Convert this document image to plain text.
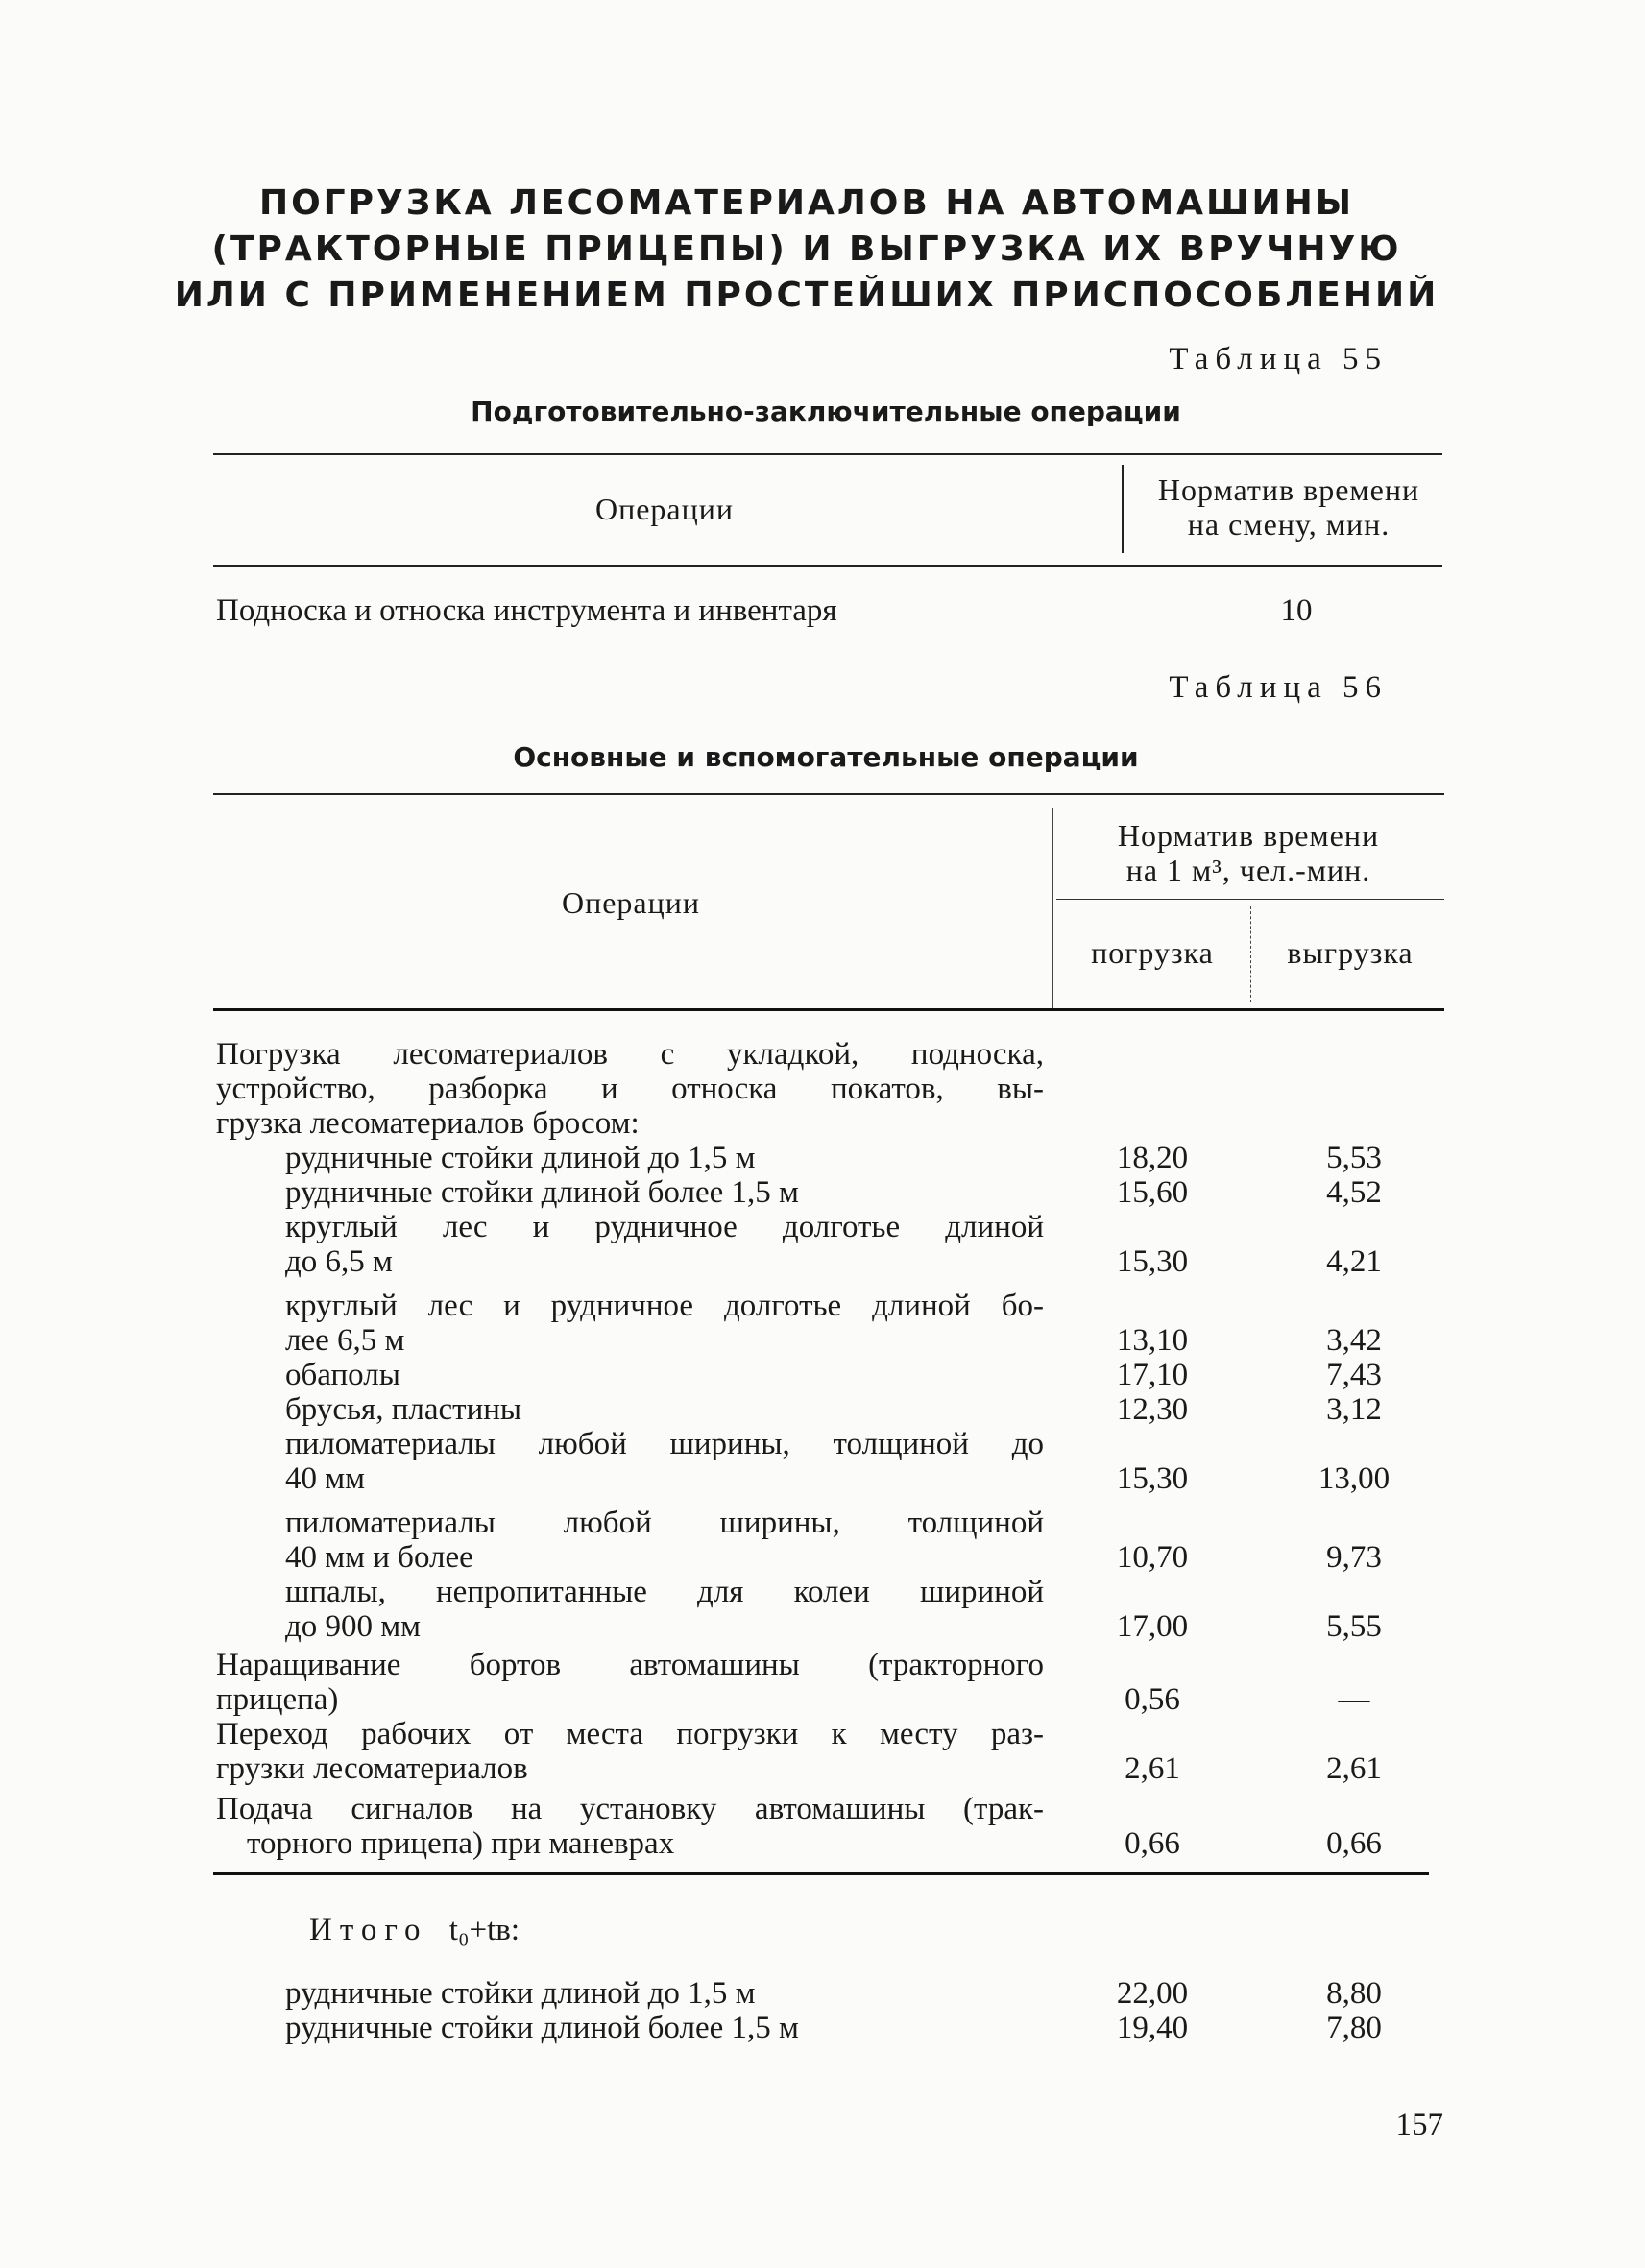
ПОГРУЗКА ЛЕСОМАТЕРИАЛОВ НА АВТОМАШИНЫ
(ТРАКТОРНЫЕ ПРИЦЕПЫ) И ВЫГРУЗКА ИХ ВРУЧНУЮ
ИЛИ С ПРИМЕНЕНИЕМ ПРОСТЕЙШИХ ПРИСПОСОБЛЕНИЙ
Таблица 55
Подготовительно-заключительные операции
Операции
Норматив времени
на смену, мин.
Подноска и относка инструмента и инвентаря	10
Таблица 56
Основные и вспомогательные операции
Операции
Норматив времени
на 1 м³, чел.-мин.
погрузка	выгрузка
Погрузка лесоматериалов с укладкой, подноска,
устройство, разборка и относка покатов, вы-
грузка лесоматериалов бросом:
рудничные стойки длиной до 1,5 м	18,20	5,53
рудничные стойки длиной более 1,5 м	15,60	4,52
круглый лес и рудничное долготье длиной
до 6,5 м	15,30	4,21
круглый лес и рудничное долготье длиной бо-
лее 6,5 м	13,10	3,42
обаполы	17,10	7,43
брусья, пластины	12,30	3,12
пиломатериалы любой ширины, толщиной до
40 мм	15,30	13,00
пиломатериалы любой ширины, толщиной
40 мм и более	10,70	9,73
шпалы, непропитанные для колеи шириной
до 900 мм	17,00	5,55
Наращивание бортов автомашины (тракторного
прицепа)	0,56	—
Переход рабочих от места погрузки к месту раз-
грузки лесоматериалов	2,61	2,61
Подача сигналов на установку автомашины (трак-
торного прицепа) при маневрах	0,66	0,66
Итого t₀+tв:
рудничные стойки длиной до 1,5 м	22,00	8,80
рудничные стойки длиной более 1,5 м	19,40	7,80
157
